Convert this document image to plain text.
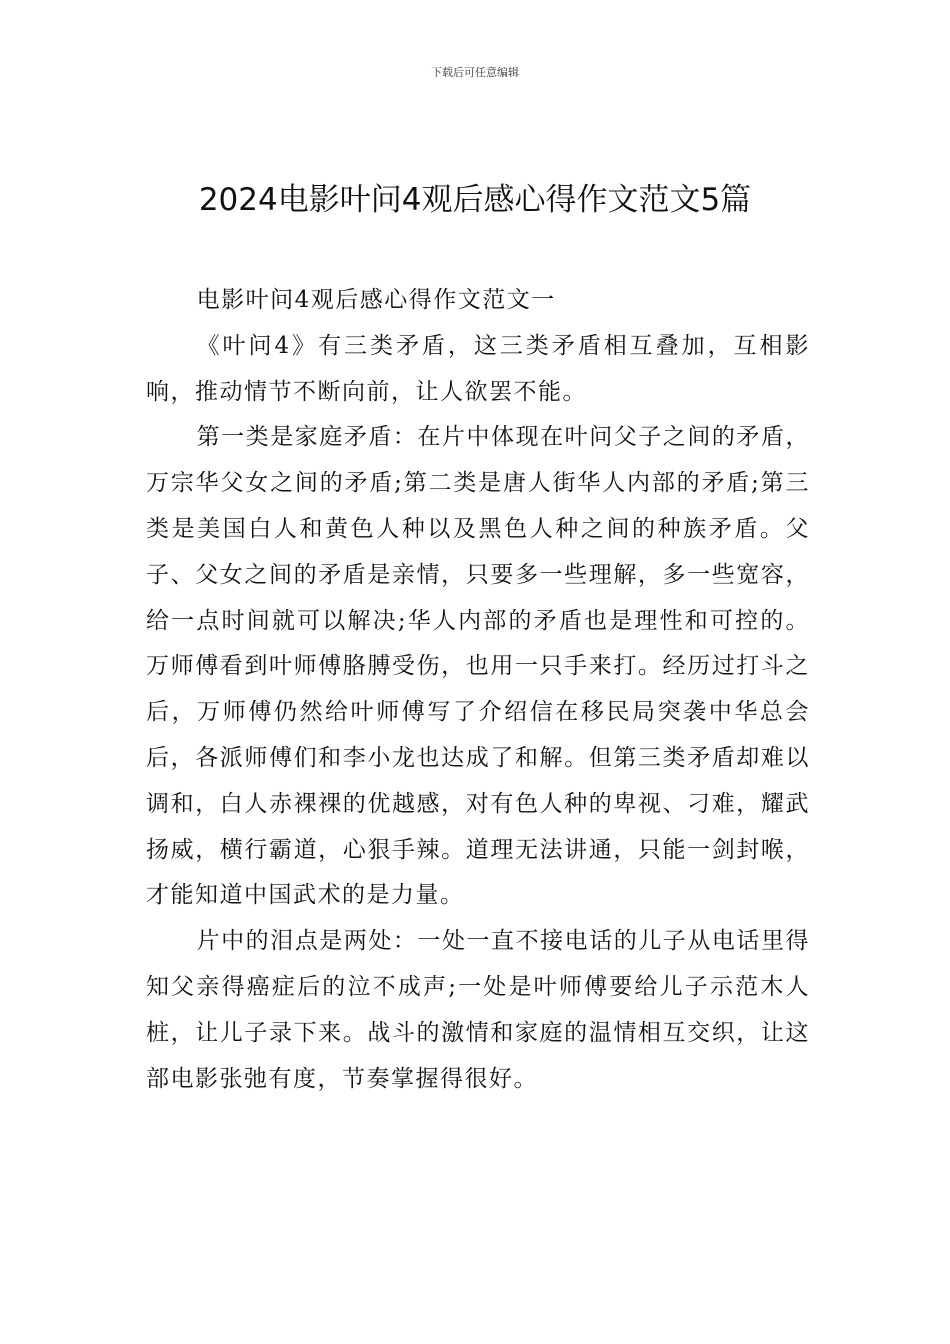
下载后可任意编辑
2024电影叶问4观后感心得作文范文5篇
电影叶问4观后感心得作文范文一

《叶问4》有三类矛盾，这三类矛盾相互叠加，互相影响，推动情节不断向前，让人欲罢不能。

第一类是家庭矛盾：在片中体现在叶问父子之间的矛盾，万宗华父女之间的矛盾;第二类是唐人街华人内部的矛盾;第三类是美国白人和黄色人种以及黑色人种之间的种族矛盾。父子、父女之间的矛盾是亲情，只要多一些理解，多一些宽容，给一点时间就可以解决;华人内部的矛盾也是理性和可控的。万师傅看到叶师傅胳膊受伤，也用一只手来打。经历过打斗之后，万师傅仍然给叶师傅写了介绍信在移民局突袭中华总会后，各派师傅们和李小龙也达成了和解。但第三类矛盾却难以调和，白人赤裸裸的优越感，对有色人种的卑视、刁难，耀武扬威，横行霸道，心狠手辣。道理无法讲通，只能一剑封喉，才能知道中国武术的是力量。

片中的泪点是两处：一处一直不接电话的儿子从电话里得知父亲得癌症后的泣不成声;一处是叶师傅要给儿子示范木人桩，让儿子录下来。战斗的激情和家庭的温情相互交织，让这部电影张弛有度，节奏掌握得很好。
